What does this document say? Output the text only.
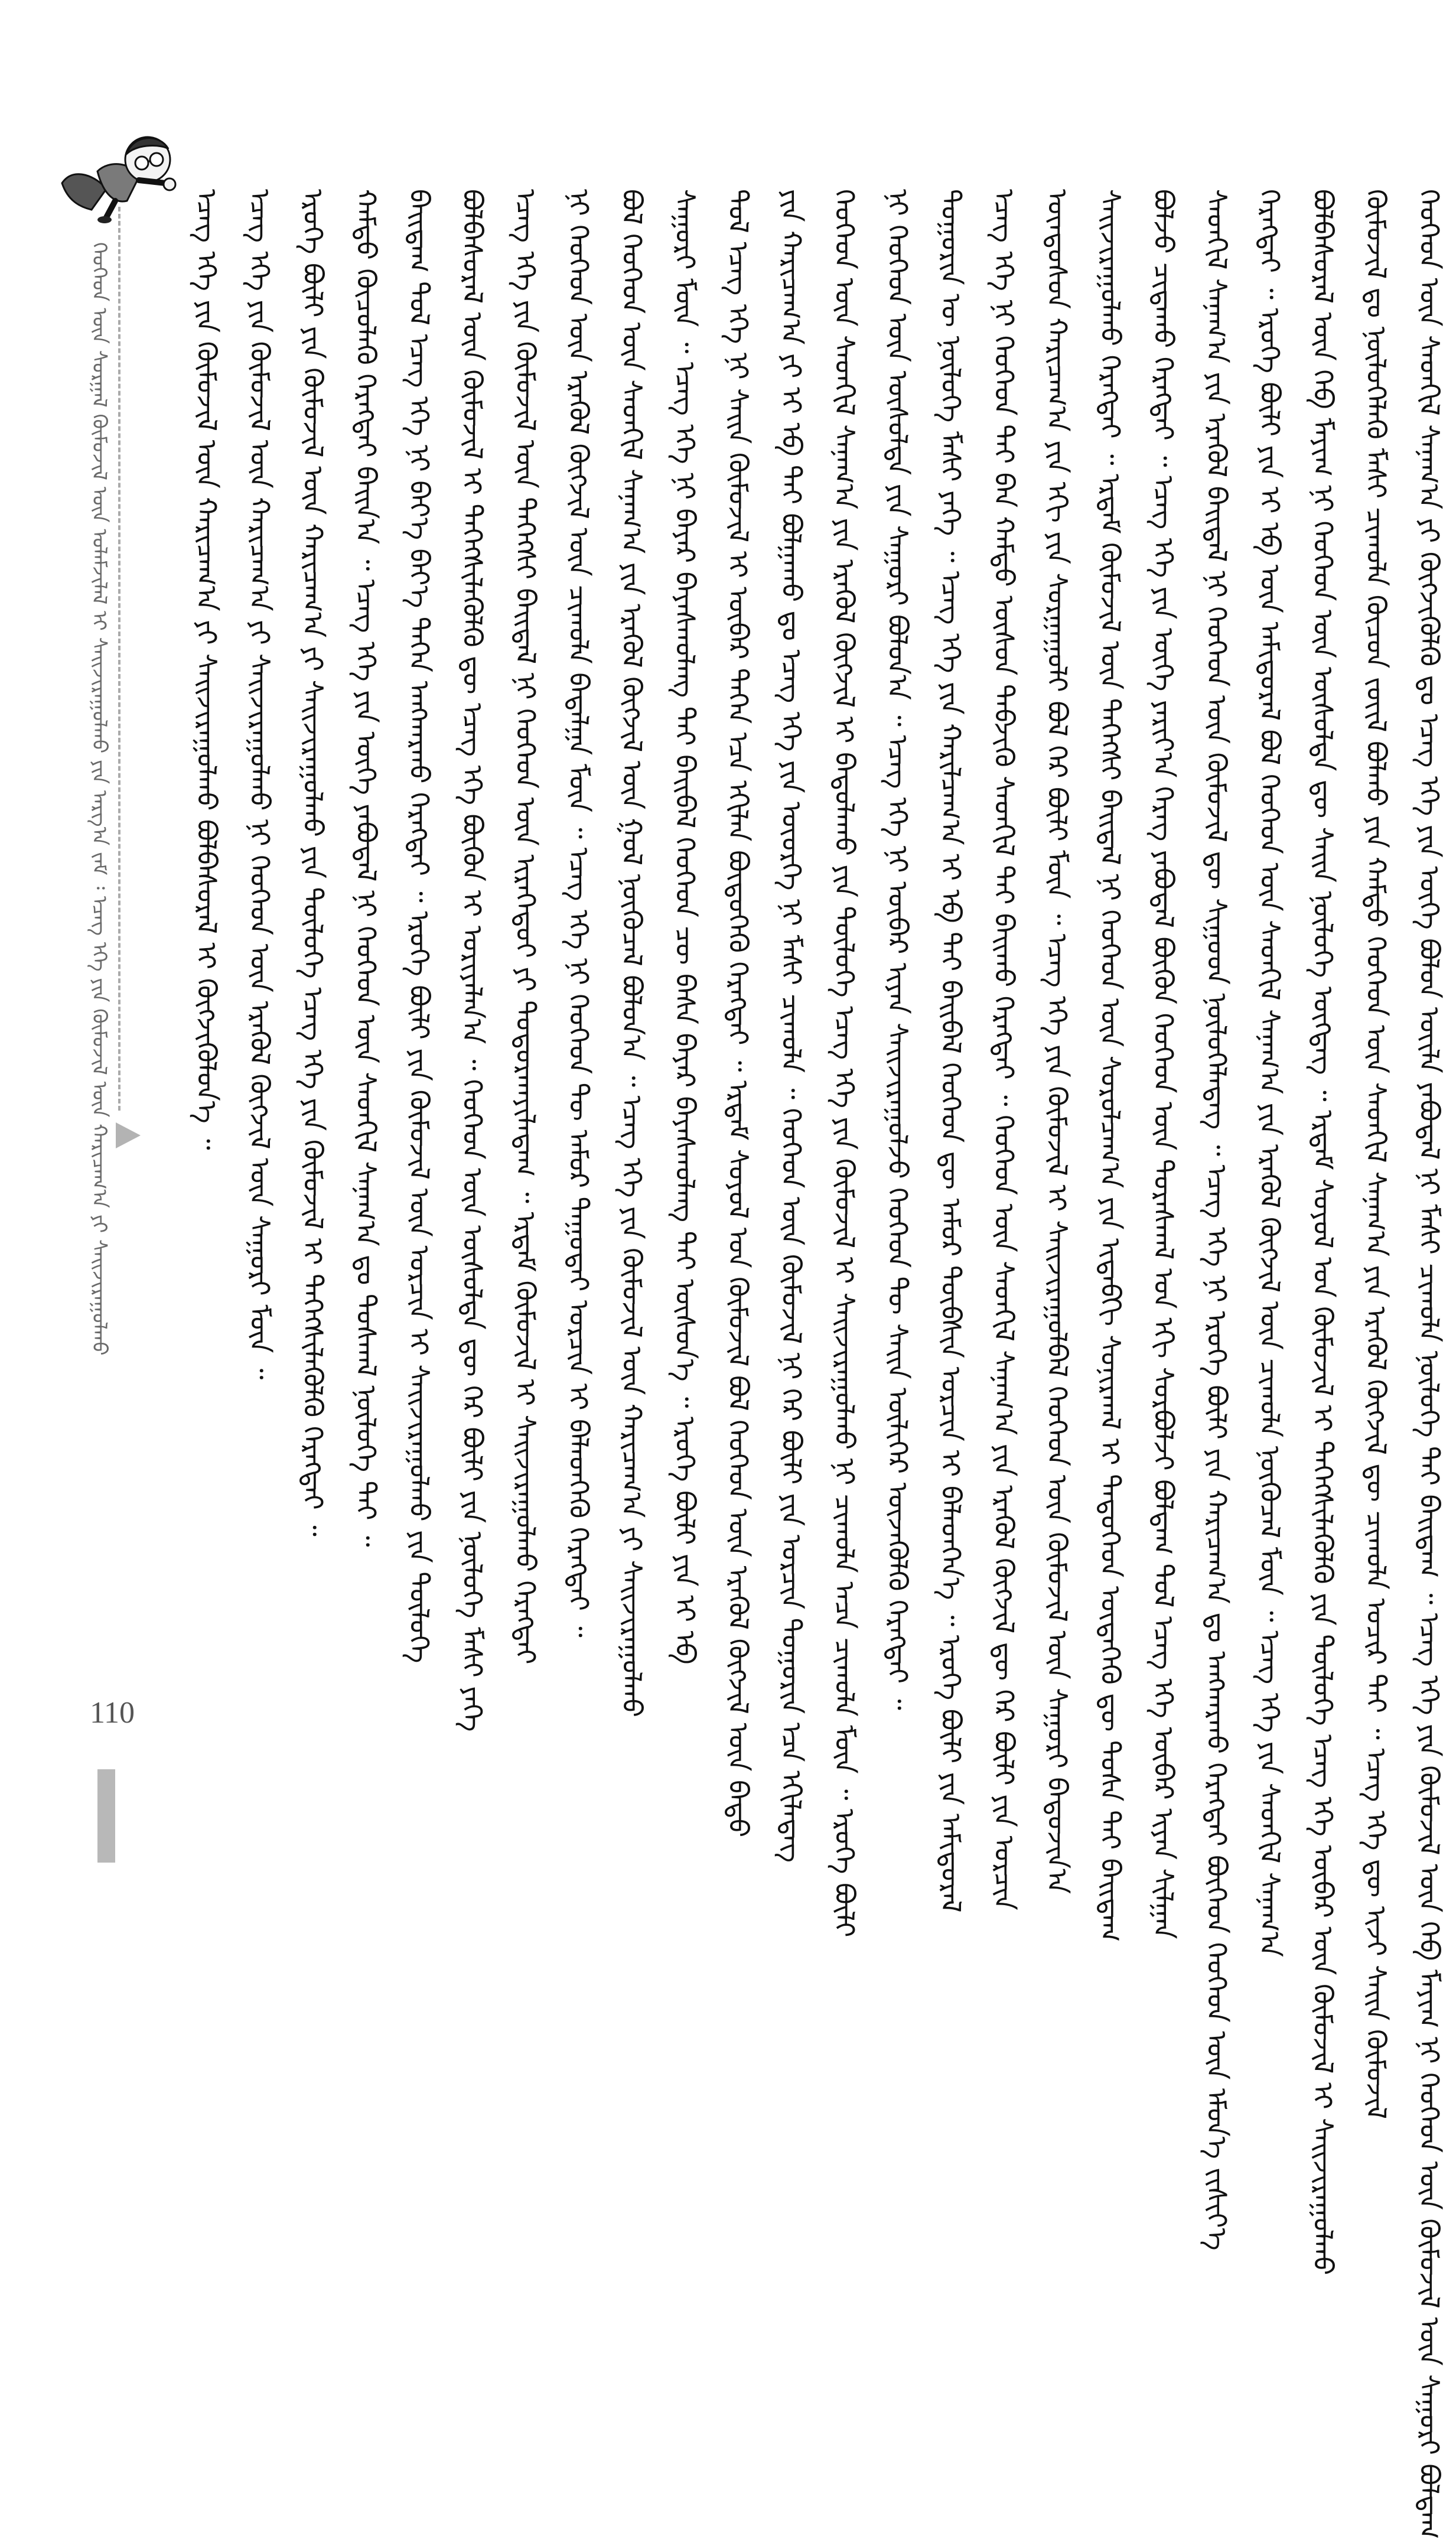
ᠬᠡᠦᠬᠡᠳ ᠦᠨ ᠰᠤᠷᠭᠠᠯ ᠬᠦᠮᠦᠵᠢᠯ ᠦᠨ ᠤᠯᠠᠮᠵᠢᠯᠠᠯ ᠢ ᠰᠠᠢᠵᠢᠷᠠᠭᠤᠯᠬᠤ ᠶᠢᠨ ᠠᠷᠭ᠎ᠠ ᠵᠠᠮ ᠄ ᠡᠴᠡᠭ᠌ ᠡᠬᠡ ᠶᠢᠨ ᠬᠦᠮᠦᠵᠢᠯ ᠦᠨ ᠬᠠᠷᠢᠴᠠᠭ᠎ᠠ ᠶᠢ ᠰᠠᠢᠵᠢᠷᠠᠭᠤᠯᠬᠤ	ᠡᠴᠡᠭ᠌ ᠡᠬᠡ ᠶᠢᠨ ᠬᠦᠮᠦᠵᠢᠯ ᠦᠨ ᠬᠠᠷᠢᠴᠠᠭ᠎ᠠ ᠶᠢ ᠰᠠᠢᠵᠢᠷᠠᠭᠤᠯᠬᠤ ᠪᠣᠯᠪᠠᠰᠤᠷᠠᠯ ᠢ ᠬᠥᠭᠵᠢᠭᠦᠯᠦᠨ᠎ᠡ ᠃ ᠡᠴᠡᠭ᠌ ᠡᠬᠡ ᠶᠢᠨ ᠬᠦᠮᠦᠵᠢᠯ ᠦᠨ ᠬᠠᠷᠢᠴᠠᠭ᠎ᠠ ᠶᠢ ᠰᠠᠢᠵᠢᠷᠠᠭᠤᠯᠬᠤ ᠨᠢ ᠬᠡᠦᠬᠡᠳ ᠦᠨ ᠡᠷᠡᠭᠦᠯ ᠬᠥᠭᠵᠢᠯ ᠦᠨ ᠰᠠᠭᠤᠷᠢ ᠮᠥᠨ ᠃ ᠡᠷᠦᠬᠡ ᠪᠦᠯᠢ ᠶᠢᠨ ᠬᠦᠮᠦᠵᠢᠯ ᠦᠨ ᠬᠠᠷᠢᠴᠠᠭ᠎ᠠ ᠶᠢ ᠰᠠᠢᠵᠢᠷᠠᠭᠤᠯᠬᠤ ᠶᠢᠨ ᠲᠥᠯᠥᠭᠡ ᠡᠴᠡᠭ᠌ ᠡᠬᠡ ᠶᠢᠨ ᠬᠦᠮᠦᠵᠢᠯ ᠢ ᠳᠡᠭᠡᠭᠰᠢᠯᠡᠭᠦᠯᠬᠦ ᠬᠡᠷᠡᠭᠲᠡᠢ ᠃ ᠬᠠᠮᠲᠤ ᠬᠦᠴᠦᠯᠡᠬᠦ ᠬᠡᠷᠡᠭᠲᠡᠢ ᠪᠠᠢᠨ᠎ᠠ ᠃ ᠡᠴᠡᠭ᠌ ᠡᠬᠡ ᠶᠢᠨ ᠦᠭᠡ ᠶᠠᠪᠤᠳᠠᠯ ᠨᠢ ᠬᠡᠦᠬᠡᠳ ᠦᠨ ᠰᠡᠳᠬᠢᠯ ᠰᠠᠨᠠᠭ᠎ᠠ ᠳᠤ ᠲᠤᠰᠬᠠᠯ ᠨᠥᠯᠥᠭᠡ ᠲᠠᠢ ᠃ ᠪᠠᠢᠳᠠᠭ ᠲᠤᠯ ᠡᠴᠡᠭ᠌ ᠡᠬᠡ ᠨᠢ ᠪᠡᠶ᠎ᠡ ᠪᠡᠶ᠎ᠡ ᠳᠡᠭᠡᠨ ᠠᠩᠬᠠᠷᠬᠤ ᠬᠡᠷᠡᠭᠲᠡᠢ ᠃ ᠡᠷᠦᠬᠡ ᠪᠦᠯᠢ ᠶᠢᠨ ᠬᠦᠮᠦᠵᠢᠯ ᠦᠨ ᠣᠷᠴᠢᠨ ᠢ ᠰᠠᠢᠵᠢᠷᠠᠭᠤᠯᠬᠤ ᠶᠢᠨ ᠲᠥᠯᠥᠭᠡ ᠪᠣᠯᠪᠠᠰᠤᠷᠠᠯ ᠦᠨ ᠬᠦᠮᠦᠵᠢᠯ ᠢ ᠳᠡᠭᠡᠭᠰᠢᠯᠡᠭᠦᠯᠬᠦ ᠳᠦ ᠡᠴᠡᠭ᠌ ᠡᠬᠡ ᠪᠦᠬᠦᠨ ᠢ ᠤᠷᠢᠶᠠᠯᠠᠨ᠎ᠠ ᠃ ᠬᠡᠦᠬᠡᠳ ᠦᠨ ᠥᠰᠥᠯᠲᠡ ᠳᠦ ᠭᠡᠷ ᠪᠦᠯᠢ ᠶᠢᠨ ᠨᠥᠯᠥᠭᠡ ᠮᠠᠰᠢ ᠶᠡᠬᠡ ᠡᠴᠡᠭ᠌ ᠡᠬᠡ ᠶᠢᠨ ᠬᠦᠮᠦᠵᠢᠯ ᠦᠨ ᠳᠡᠭᠡᠭᠰᠢ ᠪᠠᠢᠳᠠᠯ ᠨᠢ ᠬᠡᠦᠬᠡᠳ ᠦᠨ ᠢᠷᠡᠭᠡᠳᠦᠢ ᠶᠢ ᠲᠣᠳᠤᠷᠬᠠᠶᠢᠯᠠᠳᠠᠭ ᠃ ᠡᠷᠳᠡᠮ ᠬᠦᠮᠦᠵᠢᠯ ᠢ ᠰᠠᠢᠵᠢᠷᠠᠭᠤᠯᠬᠤ ᠬᠡᠷᠡᠭᠲᠡᠢ ᠨᠢ ᠬᠡᠦᠬᠡᠳ ᠦᠨ ᠡᠷᠡᠭᠦᠯ ᠬᠥᠭᠵᠢᠯ ᠦᠨ ᠴᠢᠬᠤᠯᠠ ᠪᠠᠲᠠᠯᠭᠠ ᠮᠥᠨ ᠃ ᠡᠴᠡᠭ᠌ ᠡᠬᠡ ᠨᠢ ᠬᠡᠦᠬᠡᠳ ᠲᠦ ᠠᠮᠤᠷ ᠳᠠᠭᠤᠲᠠᠢ ᠣᠷᠴᠢᠨ ᠢ ᠪᠡᠯᠡᠳᠬᠡᠬᠦ ᠬᠡᠷᠡᠭᠲᠡᠢ ᠃ ᠪᠣᠯ ᠬᠡᠦᠬᠡᠳ ᠦᠨ ᠰᠡᠳᠬᠢᠯ ᠰᠠᠨᠠᠭ᠎ᠠ ᠶᠢᠨ ᠡᠷᠡᠭᠦᠯ ᠬᠥᠭᠵᠢᠯ ᠦᠨ ᠭᠣᠯ ᠨᠥᠬᠥᠴᠡᠯ ᠪᠣᠯᠤᠨ᠎ᠠ ᠃ ᠡᠴᠡᠭ᠌ ᠡᠬᠡ ᠶᠢᠨ ᠬᠦᠮᠦᠵᠢᠯ ᠦᠨ ᠬᠠᠷᠢᠴᠠᠭ᠎ᠠ ᠶᠢ ᠰᠠᠢᠵᠢᠷᠠᠭᠤᠯᠬᠤ ᠰᠠᠭᠤᠷᠢ ᠮᠥᠨ ᠃ ᠡᠴᠡᠭ᠌ ᠡᠬᠡ ᠨᠢ ᠪᠠᠶᠠᠷ ᠪᠠᠶᠠᠰᠬᠤᠯᠠᠩ ᠲᠠᠢ ᠪᠠᠢᠪᠠᠯ ᠬᠡᠦᠬᠡᠳ ᠴᠦ ᠪᠠᠰᠠ ᠪᠠᠶᠠᠷ ᠪᠠᠶᠠᠰᠬᠤᠯᠠᠩ ᠲᠠᠢ ᠥᠰᠦᠨ᠎ᠡ ᠃ ᠡᠷᠦᠬᠡ ᠪᠦᠯᠢ ᠶᠢᠨ ᠡᠶ ᠡᠪ ᠲᠤᠯ ᠡᠴᠡᠭ᠌ ᠡᠬᠡ ᠨᠢ ᠰᠠᠢᠨ ᠬᠦᠮᠦᠵᠢᠯ ᠢ ᠥᠪᠡᠷ ᠲᠡᠭᠡᠨ ᠡᠴᠡ ᠡᠬᠢᠯᠡᠨ ᠪᠦᠲᠦᠭᠡᠬᠦ ᠬᠡᠷᠡᠭᠲᠡᠢ ᠃ ᠡᠷᠳᠡᠮ ᠰᠣᠶᠤᠯ ᠤᠨ ᠬᠦᠮᠦᠵᠢᠯ ᠪᠣᠯ ᠬᠡᠦᠬᠡᠳ ᠦᠨ ᠡᠷᠡᠭᠦᠯ ᠬᠥᠭᠵᠢᠯ ᠦᠨ ᠪᠠᠲᠤ ᠶᠢᠨ ᠬᠠᠷᠢᠴᠠᠭ᠎ᠠ ᠶᠢ ᠡᠶ ᠡᠪ ᠲᠡᠢ ᠪᠣᠯᠭᠠᠬᠤ ᠳᠤ ᠡᠴᠡᠭ᠌ ᠡᠬᠡ ᠶᠢᠨ ᠦᠦᠷᠭᠡ ᠨᠢ ᠮᠠᠰᠢ ᠴᠢᠬᠤᠯᠠ ᠃ ᠬᠡᠦᠬᠡᠳ ᠦᠨ ᠬᠦᠮᠦᠵᠢᠯ ᠨᠢ ᠭᠡᠷ ᠪᠦᠯᠢ ᠶᠢᠨ ᠣᠷᠴᠢᠨ ᠲᠣᠭᠣᠷᠢᠨ ᠡᠴᠡ ᠡᠬᠢᠯᠡᠳᠡᠭ ᠬᠡᠦᠬᠡᠳ ᠦᠨ ᠰᠡᠳᠬᠢᠯ ᠰᠠᠨᠠᠭ᠎ᠠ ᠶᠢᠨ ᠡᠷᠡᠭᠦᠯ ᠬᠥᠭᠵᠢᠯ ᠢ ᠪᠠᠲᠤᠯᠠᠬᠤ ᠶᠢᠨ ᠲᠥᠯᠥᠭᠡ ᠡᠴᠡᠭ᠌ ᠡᠬᠡ ᠶᠢᠨ ᠬᠦᠮᠦᠵᠢᠯ ᠢ ᠰᠠᠢᠵᠢᠷᠠᠭᠤᠯᠬᠤ ᠨᠢ ᠴᠢᠬᠤᠯᠠ ᠠᠴᠠ ᠴᠢᠬᠤᠯᠠ ᠮᠥᠨ ᠃ ᠡᠷᠦᠬᠡ ᠪᠦᠯᠢ ᠨᠢ ᠬᠡᠦᠬᠡᠳ ᠦᠨ ᠥᠰᠥᠯᠲᠡ ᠶᠢᠨ ᠰᠠᠭᠤᠷᠢ ᠪᠣᠯᠤᠨ᠎ᠠ ᠃ ᠡᠴᠡᠭ᠌ ᠡᠬᠡ ᠨᠢ ᠥᠪᠡᠷ ᠢᠶᠡᠨ ᠰᠠᠢᠵᠢᠷᠠᠭᠤᠯᠵᠤ ᠬᠡᠦᠬᠡᠳ ᠲᠦ ᠰᠠᠢᠨ ᠦᠯᠢᠭᠡᠷ ᠦᠵᠡᠭᠦᠯᠬᠦ ᠬᠡᠷᠡᠭᠲᠡᠢ ᠃ ᠲᠣᠭᠣᠷᠢᠨ ᠦ ᠨᠥᠯᠥᠭᠡ ᠮᠠᠰᠢ ᠶᠡᠬᠡ ᠃ ᠡᠴᠡᠭ᠌ ᠡᠬᠡ ᠶᠢᠨ ᠬᠠᠷᠢᠯᠴᠠᠭ᠎ᠠ ᠡᠶ ᠡᠪ ᠲᠡᠢ ᠪᠠᠢᠪᠠᠯ ᠬᠡᠦᠬᠡᠳ ᠳᠦ ᠠᠮᠤᠷ ᠲᠦᠪᠰᠢᠨ ᠤᠷᠴᠢᠨ ᠢ ᠪᠡᠯᠡᠳᠬᠡᠨ᠎ᠡ ᠃ ᠡᠷᠦᠬᠡ ᠪᠦᠯᠢ ᠶᠢᠨ ᠠᠮᠢᠳᠤᠷᠠᠯ ᠡᠴᠡᠭ᠌ ᠡᠬᠡ ᠨᠢ ᠬᠡᠦᠬᠡᠳ ᠲᠡᠢ ᠪᠠᠨ ᠬᠠᠮᠲᠤ ᠥᠰᠦᠨ ᠳᠡᠪᠵᠢᠬᠦ ᠰᠡᠳᠬᠢᠯ ᠲᠠᠢ ᠪᠠᠢᠬᠤ ᠬᠡᠷᠡᠭᠲᠡᠢ ᠃ ᠬᠡᠦᠬᠡᠳ ᠦᠨ ᠰᠡᠳᠬᠢᠯ ᠰᠠᠨᠠᠭ᠎ᠠ ᠶᠢᠨ ᠡᠷᠡᠭᠦᠯ ᠬᠥᠭᠵᠢᠯ ᠳᠦ ᠭᠡᠷ ᠪᠦᠯᠢ ᠶᠢᠨ ᠣᠷᠴᠢᠨ ᠦᠨᠳᠦᠰᠦᠨ ᠬᠠᠷᠢᠴᠠᠭ᠎ᠠ ᠶᠢᠨ ᠡᠬᠢ ᠶᠢᠨ ᠰᠤᠷᠭᠠᠭᠤᠯᠢ ᠪᠣᠯ ᠭᠡᠷ ᠪᠦᠯᠢ ᠮᠥᠨ ᠃ ᠡᠴᠡᠭ᠌ ᠡᠬᠡ ᠶᠢᠨ ᠬᠦᠮᠦᠵᠢᠯ ᠢ ᠰᠠᠢᠵᠢᠷᠠᠭᠤᠯᠪᠠᠯ ᠬᠡᠦᠬᠡᠳ ᠦᠨ ᠬᠦᠮᠦᠵᠢᠯ ᠦᠨ ᠰᠠᠭᠤᠷᠢ ᠪᠠᠲᠤᠵᠢᠨ᠎ᠠ ᠰᠠᠢᠵᠢᠷᠠᠭᠤᠯᠬᠤ ᠬᠡᠷᠡᠭᠲᠡᠢ ᠃ ᠡᠷᠳᠡᠮ ᠬᠦᠮᠦᠵᠢᠯ ᠦᠨ ᠳᠡᠭᠡᠭᠰᠢ ᠪᠠᠢᠳᠠᠯ ᠨᠢ ᠬᠡᠦᠬᠡᠳ ᠦᠨ ᠰᠤᠷᠤᠯᠴᠠᠭ᠎ᠠ ᠶᠢᠨ ᠢᠳᠡᠪᠬᠢ ᠰᠤᠨᠢᠷᠬᠠᠯ ᠢ ᠲᠡᠳᠦᠭᠡᠳ ᠥᠳᠡᠭᠡᠬᠦ ᠳᠦ ᠲᠤᠰᠠ ᠲᠠᠢ ᠪᠠᠢᠳᠠᠭ ᠪᠣᠯᠵᠤ ᠴᠢᠳᠠᠬᠤ ᠬᠡᠷᠡᠭᠲᠡᠢ ᠃ ᠡᠴᠡᠭ᠌ ᠡᠬᠡ ᠶᠢᠨ ᠦᠭᠡ ᠶᠠᠷᠢᠶ᠎ᠠ ᠬᠡᠷᠡᠭ ᠶᠠᠪᠤᠳᠠᠯ ᠪᠦᠬᠦᠨ ᠬᠡᠦᠬᠡᠳ ᠦᠨ ᠳᠤᠷᠠᠰᠬᠠᠯ ᠤᠨ ᠡᠬᠢ ᠰᠤᠷᠪᠤᠯᠵᠢ ᠪᠣᠯᠳᠠᠭ ᠲᠤᠯ ᠡᠴᠡᠭ᠌ ᠡᠬᠡ ᠥᠪᠡᠷ ᠢᠶᠡᠨ ᠰᠢᠯᠭᠠᠨ ᠰᠡᠳᠬᠢᠯ ᠰᠠᠨᠠᠭ᠎ᠠ ᠶᠢᠨ ᠡᠷᠡᠭᠦᠯ ᠪᠠᠢᠳᠠᠯ ᠨᠢ ᠬᠡᠦᠬᠡᠳ ᠦᠨ ᠬᠦᠮᠦᠵᠢᠯ ᠳᠦ ᠰᠢᠭᠤᠳ ᠨᠥᠯᠥᠭᠡᠯᠡᠳᠡᠭ ᠃ ᠡᠴᠡᠭ᠌ ᠡᠬᠡ ᠨᠢ ᠡᠷᠦᠬᠡ ᠪᠦᠯᠢ ᠶᠢᠨ ᠬᠠᠷᠢᠴᠠᠭ᠎ᠠ ᠳᠤ ᠠᠩᠬᠠᠷᠬᠤ ᠬᠡᠷᠡᠭᠲᠡᠢ ᠪᠥᠭᠡᠳ ᠬᠡᠦᠬᠡᠳ ᠦᠨ ᠡᠮᠦᠨ᠎ᠡ ᠵᠢᠱᠢᠶ᠎ᠡ ᠬᠡᠷᠡᠭᠲᠡᠢ ᠃ ᠡᠷᠦᠬᠡ ᠪᠦᠯᠢ ᠶᠢᠨ ᠡᠶ ᠡᠪ ᠦᠨ ᠠᠮᠢᠳᠤᠷᠠᠯ ᠪᠣᠯ ᠬᠡᠦᠬᠡᠳ ᠦᠨ ᠰᠡᠳᠬᠢᠯ ᠰᠠᠨᠠᠭ᠎ᠠ ᠶᠢᠨ ᠡᠷᠡᠭᠦᠯ ᠬᠥᠭᠵᠢᠯ ᠦᠨ ᠴᠢᠬᠤᠯᠠ ᠨᠥᠬᠥᠴᠡᠯ ᠮᠥᠨ ᠃ ᠡᠴᠡᠭ᠌ ᠡᠬᠡ ᠶᠢᠨ ᠰᠡᠳᠬᠢᠯ ᠰᠠᠨᠠᠭ᠎ᠠ ᠪᠣᠯᠪᠠᠰᠤᠷᠠᠯ ᠦᠨ ᠬᠡᠪ ᠮᠠᠶᠢᠭ ᠨᠢ ᠬᠡᠦᠬᠡᠳ ᠦᠨ ᠥᠰᠥᠯᠲᠡ ᠳᠦ ᠰᠠᠢᠨ ᠨᠥᠯᠥᠭᠡ ᠥᠭᠳᠡᠭ ᠃ ᠡᠷᠳᠡᠮ ᠰᠣᠶᠤᠯ ᠤᠨ ᠬᠦᠮᠦᠵᠢᠯ ᠢ ᠳᠡᠭᠡᠭᠰᠢᠯᠡᠭᠦᠯᠬᠦ ᠶᠢᠨ ᠲᠥᠯᠥᠭᠡ ᠡᠴᠡᠭ᠌ ᠡᠬᠡ ᠥᠪᠡᠷ ᠦᠨ ᠬᠦᠮᠦᠵᠢᠯ ᠢ ᠰᠠᠢᠵᠢᠷᠠᠭᠤᠯᠬᠤ ᠬᠦᠮᠦᠵᠢᠯ ᠳᠤ ᠨᠥᠯᠥᠭᠡᠯᠡᠬᠦ ᠮᠠᠰᠢ ᠴᠢᠬᠤᠯᠠ ᠬᠦᠴᠦᠨ ᠵᠦᠢᠯ ᠪᠣᠯᠬᠤ ᠶᠢᠨ ᠬᠠᠮᠲᠤ ᠬᠡᠦᠬᠡᠳ ᠦᠨ ᠰᠡᠳᠬᠢᠯ ᠰᠠᠨᠠᠭ᠎ᠠ ᠶᠢᠨ ᠡᠷᠡᠭᠦᠯ ᠬᠥᠭᠵᠢᠯ ᠳᠦ ᠴᠢᠬᠤᠯᠠ ᠤᠴᠢᠷ ᠲᠠᠢ ᠃ ᠡᠴᠡᠭ᠌ ᠡᠬᠡ ᠳᠦ ᠢᠵᠢ ᠰᠠᠢᠨ ᠬᠦᠮᠦᠵᠢᠯ ᠬᠡᠦᠬᠡᠳ ᠦᠨ ᠰᠡᠳᠬᠢᠯ ᠰᠠᠨᠠᠭ᠎ᠠ ᠶᠢ ᠬᠥᠭᠵᠢᠭᠦᠯᠬᠦ ᠳᠤ ᠡᠴᠡᠭ᠌ ᠡᠬᠡ ᠶᠢᠨ ᠦᠭᠡ ᠪᠣᠯᠤᠨ ᠦᠢᠯᠡ ᠶᠠᠪᠤᠳᠠᠯ ᠨᠢ ᠮᠠᠰᠢ ᠴᠢᠬᠤᠯᠠ ᠨᠥᠯᠥᠭᠡ ᠲᠠᠢ ᠪᠠᠢᠳᠠᠭ ᠃ ᠡᠴᠡᠭ᠌ ᠡᠬᠡ ᠶᠢᠨ ᠬᠦᠮᠦᠵᠢᠯ ᠦᠨ ᠬᠡᠪ ᠮᠠᠶᠢᠭ ᠨᠢ ᠬᠡᠦᠬᠡᠳ ᠦᠨ ᠬᠦᠮᠦᠵᠢᠯ ᠦᠨ ᠰᠠᠭᠤᠷᠢ ᠪᠣᠯᠳᠠᠭ
110
